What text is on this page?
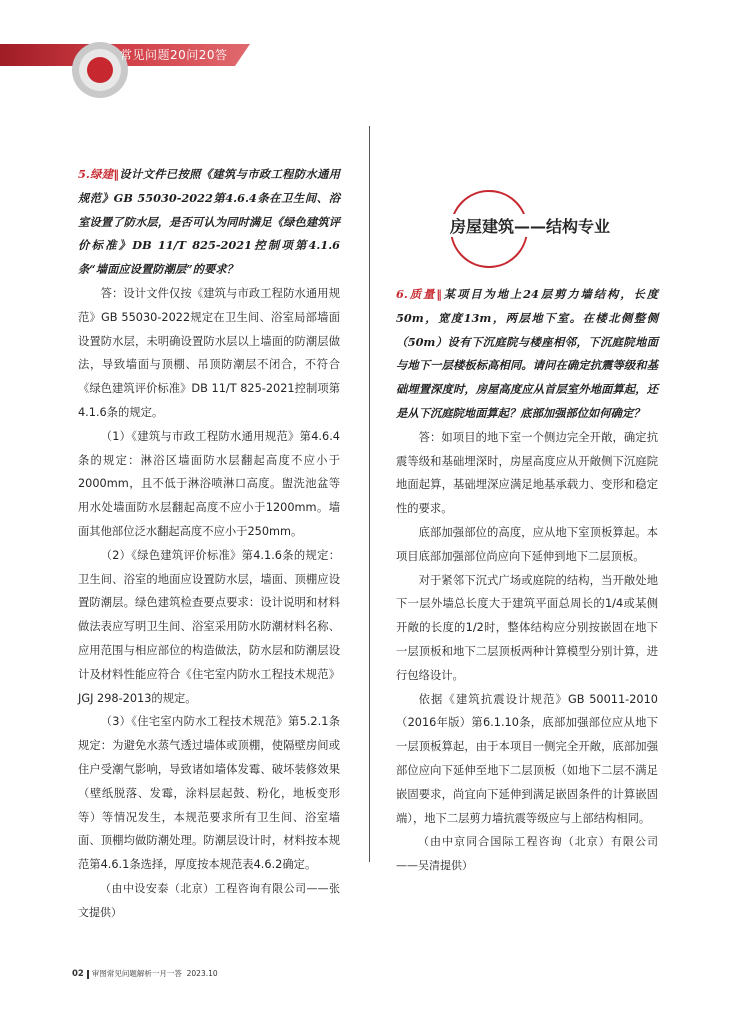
常见问题20问20答

5.绿建‖设计文件已按照《建筑与市政工程防水通用规范》GB 55030-2022第4.6.4条在卫生间、浴室设置了防水层，是否可认为同时满足《绿色建筑评价标准》DB 11/T 825-2021控制项第4.1.6条“墙面应设置防潮层”的要求？

答：设计文件仅按《建筑与市政工程防水通用规范》GB 55030-2022规定在卫生间、浴室局部墙面设置防水层，未明确设置防水层以上墙面的防潮层做法，导致墙面与顶棚、吊顶防潮层不闭合，不符合《绿色建筑评价标准》DB 11/T 825-2021控制项第4.1.6条的规定。

（1）《建筑与市政工程防水通用规范》第4.6.4条的规定：淋浴区墙面防水层翻起高度不应小于2000mm，且不低于淋浴喷淋口高度。盥洗池盆等用水处墙面防水层翻起高度不应小于1200mm。墙面其他部位泛水翻起高度不应小于250mm。

（2）《绿色建筑评价标准》第4.1.6条的规定：卫生间、浴室的地面应设置防水层，墙面、顶棚应设置防潮层。绿色建筑检查要点要求：设计说明和材料做法表应写明卫生间、浴室采用防水防潮材料名称、应用范围与相应部位的构造做法，防水层和防潮层设计及材料性能应符合《住宅室内防水工程技术规范》JGJ 298-2013的规定。

（3）《住宅室内防水工程技术规范》第5.2.1条规定：为避免水蒸气透过墙体或顶棚，使隔壁房间或住户受潮气影响，导致诸如墙体发霉、破坏装修效果（壁纸脱落、发霉，涂料层起鼓、粉化，地板变形等）等情况发生，本规范要求所有卫生间、浴室墙面、顶棚均做防潮处理。防潮层设计时，材料按本规范第4.6.1条选择，厚度按本规范表4.6.2确定。

（由中设安泰（北京）工程咨询有限公司——张文提供）

房屋建筑——结构专业

6.质量‖某项目为地上24层剪力墙结构，长度50m，宽度13m，两层地下室。在楼北侧整侧（50m）设有下沉庭院与楼座相邻，下沉庭院地面与地下一层楼板标高相同。请问在确定抗震等级和基础埋置深度时，房屋高度应从首层室外地面算起，还是从下沉庭院地面算起？底部加强部位如何确定？

答：如项目的地下室一个侧边完全开敞，确定抗震等级和基础埋深时，房屋高度应从开敞侧下沉庭院地面起算，基础埋深应满足地基承载力、变形和稳定性的要求。

底部加强部位的高度，应从地下室顶板算起。本项目底部加强部位尚应向下延伸到地下二层顶板。

对于紧邻下沉式广场或庭院的结构，当开敞处地下一层外墙总长度大于建筑平面总周长的1/4或某侧开敞的长度的1/2时，整体结构应分别按嵌固在地下一层顶板和地下二层顶板两种计算模型分别计算，进行包络设计。

依据《建筑抗震设计规范》GB 50011-2010（2016年版）第6.1.10条，底部加强部位应从地下一层顶板算起，由于本项目一侧完全开敞，底部加强部位应向下延伸至地下二层顶板（如地下二层不满足嵌固要求，尚宜向下延伸到满足嵌固条件的计算嵌固端），地下二层剪力墙抗震等级应与上部结构相同。

（由中京同合国际工程咨询（北京）有限公司——吴清提供）

02 审图常见问题解析一月一答 2023.10
